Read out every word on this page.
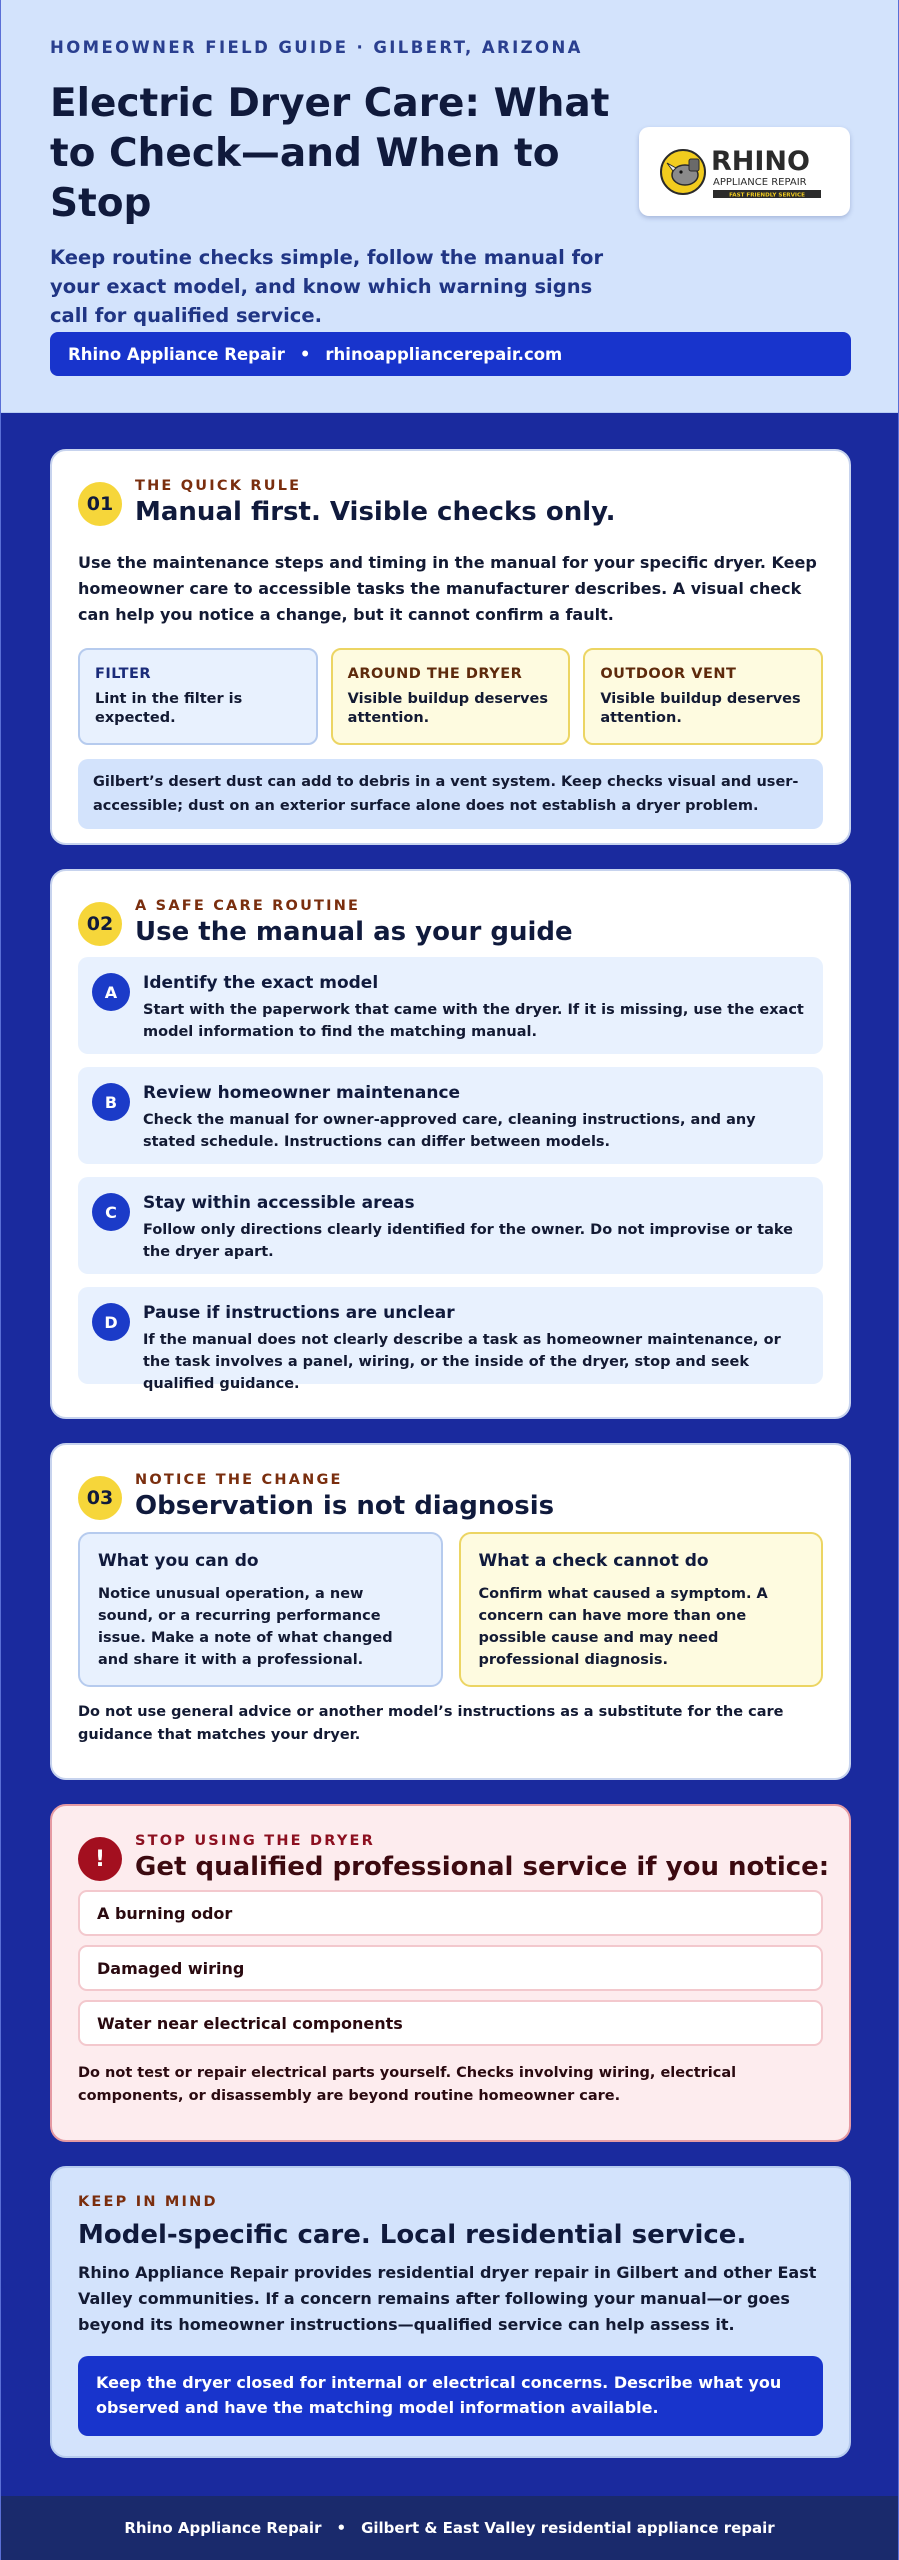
HOMEOWNER FIELD GUIDE · GILBERT, ARIZONA
Electric Dryer Care: What to Check—and When to Stop

Keep routine checks simple, follow the manual for your exact model, and know which warning signs call for qualified service.

RHINO
APPLIANCE REPAIR
FAST FRIENDLY SERVICE
Rhino Appliance Repair • rhinoappliancerepair.com
01
THE QUICK RULE
Manual first. Visible checks only.

Use the maintenance steps and timing in the manual for your specific dryer. Keep homeowner care to accessible tasks the manufacturer describes. A visual check can help you notice a change, but it cannot confirm a fault.

FILTER
Lint in the filter is expected.
AROUND THE DRYER
Visible buildup deserves attention.
OUTDOOR VENT
Visible buildup deserves attention.
Gilbert’s desert dust can add to debris in a vent system. Keep checks visual and user-accessible; dust on an exterior surface alone does not establish a dryer problem.
02
A SAFE CARE ROUTINE
Use the manual as your guide
A	Identify the exact model
Start with the paperwork that came with the dryer. If it is missing, use the exact model information to find the matching manual.
B	Review homeowner maintenance
Check the manual for owner-approved care, cleaning instructions, and any stated schedule. Instructions can differ between models.
C	Stay within accessible areas
Follow only directions clearly identified for the owner. Do not improvise or take the dryer apart.
D	Pause if instructions are unclear
If the manual does not clearly describe a task as homeowner maintenance, or the task involves a panel, wiring, or the inside of the dryer, stop and seek qualified guidance.
03
NOTICE THE CHANGE
Observation is not diagnosis
What you can do
Notice unusual operation, a new sound, or a recurring performance issue. Make a note of what changed and share it with a professional.
What a check cannot do
Confirm what caused a symptom. A concern can have more than one possible cause and may need professional diagnosis.

Do not use general advice or another model’s instructions as a substitute for the care guidance that matches your dryer.

!
STOP USING THE DRYER
Get qualified professional service if you notice:
A burning odor
Damaged wiring
Water near electrical components

Do not test or repair electrical parts yourself. Checks involving wiring, electrical components, or disassembly are beyond routine homeowner care.

KEEP IN MIND
Model-specific care. Local residential service.

Rhino Appliance Repair provides residential dryer repair in Gilbert and other East Valley communities. If a concern remains after following your manual—or goes beyond its homeowner instructions—qualified service can help assess it.

Keep the dryer closed for internal or electrical concerns. Describe what you observed and have the matching model information available.
Rhino Appliance Repair • Gilbert & East Valley residential appliance repair
